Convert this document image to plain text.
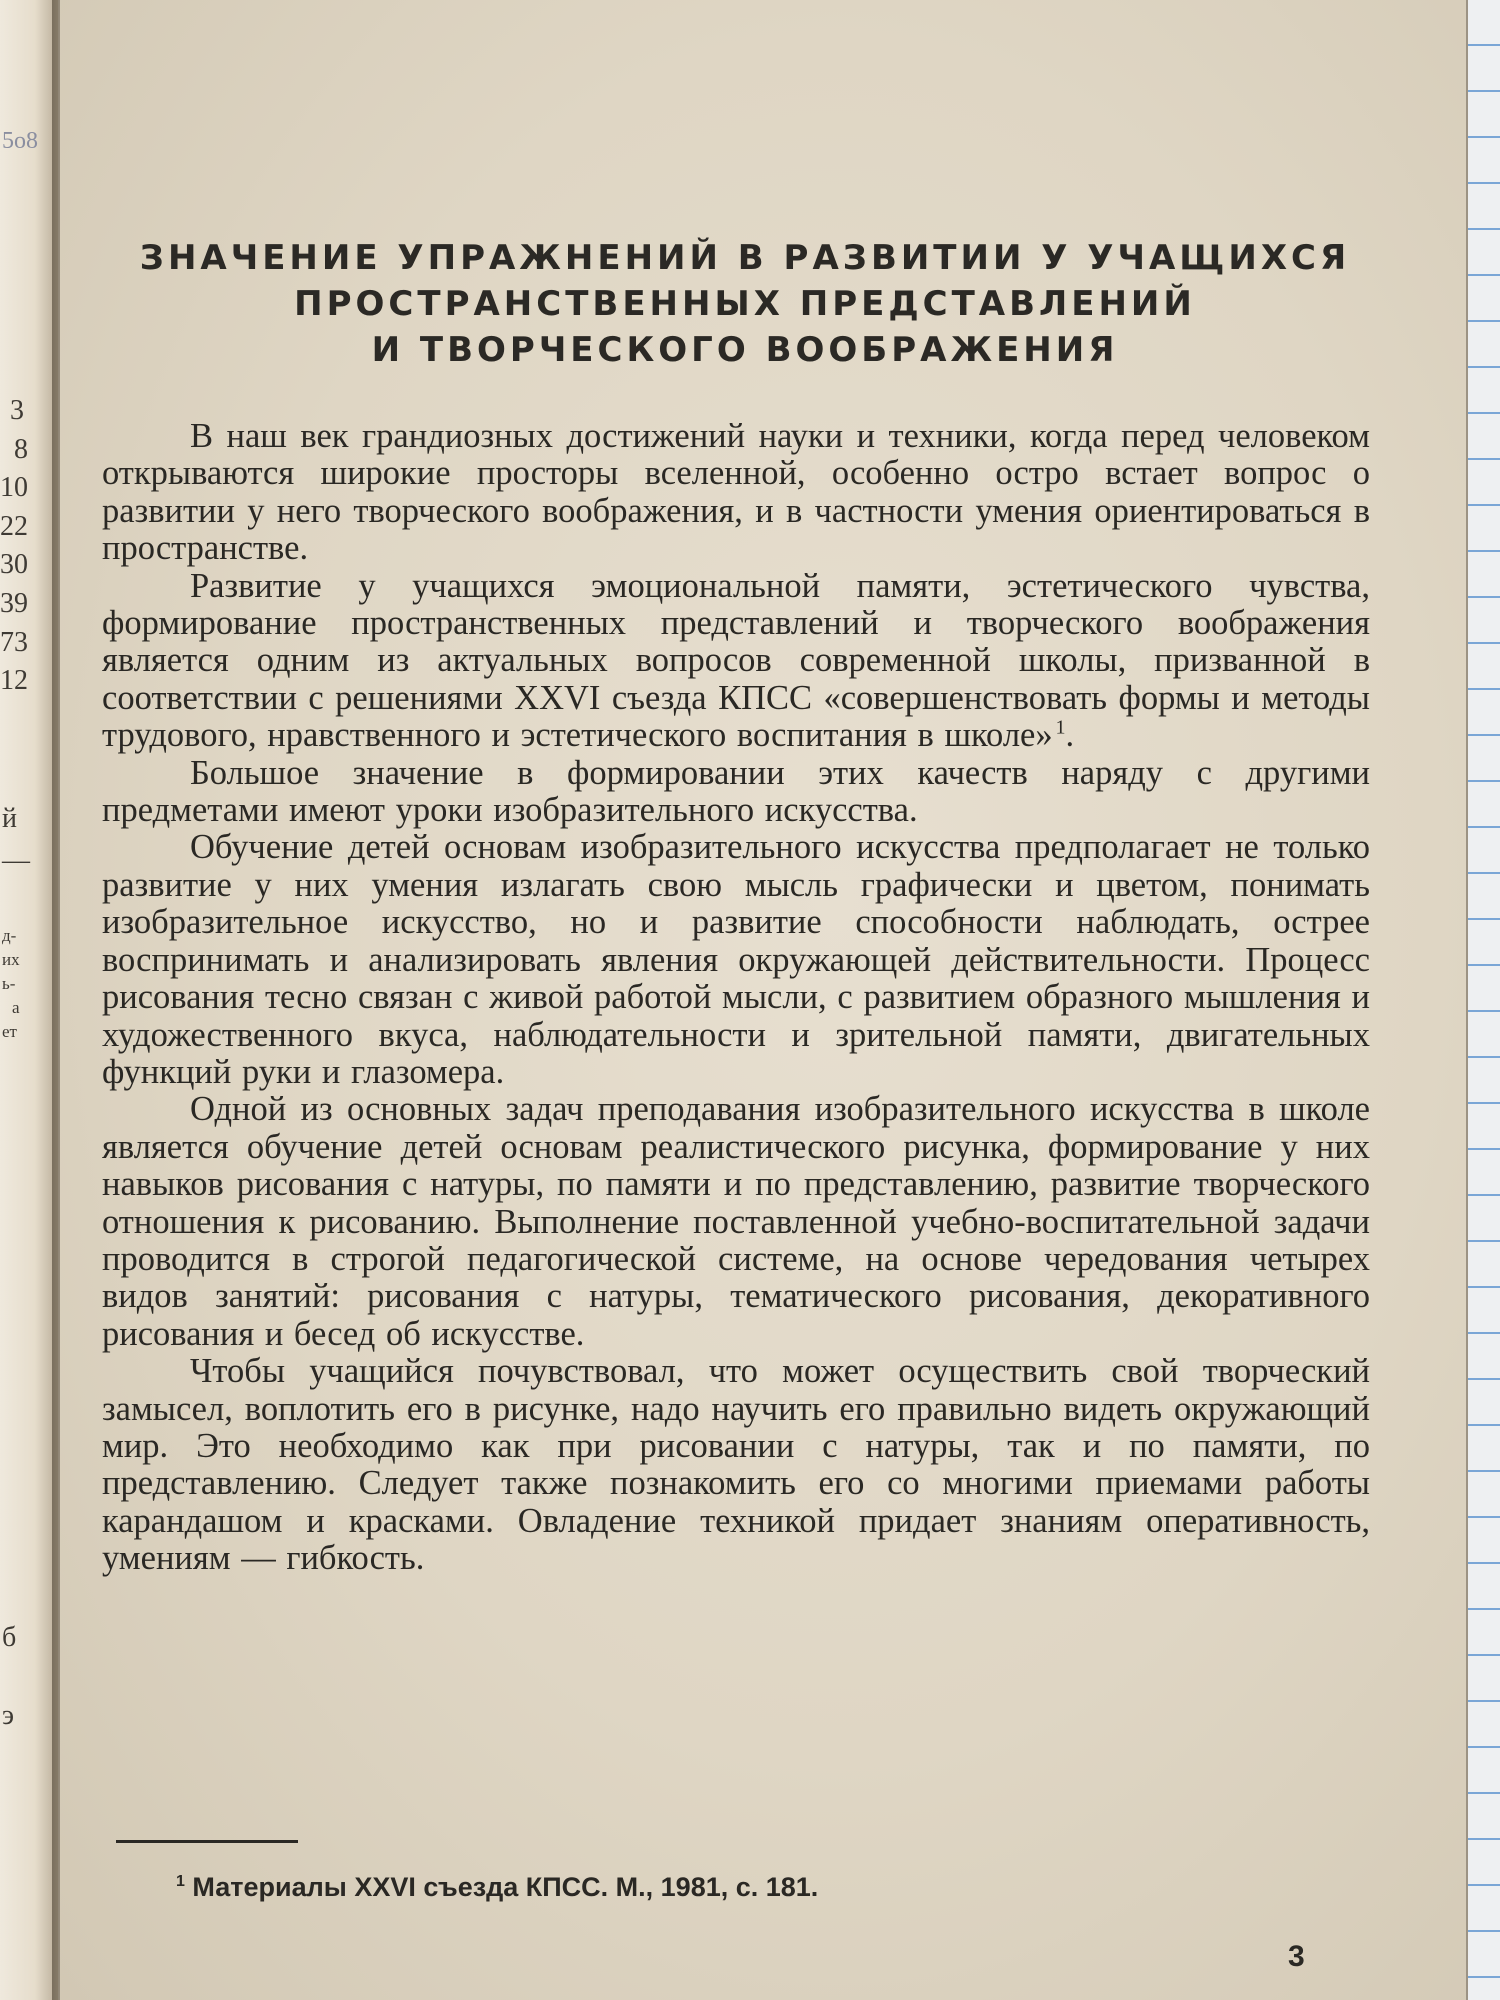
5о8
3
8
10
22
30
39
73
12
й
—
д-
их
ь-
а
ет
б
э
ЗНАЧЕНИЕ УПРАЖНЕНИЙ В РАЗВИТИИ У УЧАЩИХСЯ
ПРОСТРАНСТВЕННЫХ ПРЕДСТАВЛЕНИЙ
И ТВОРЧЕСКОГО ВООБРАЖЕНИЯ

В наш век грандиозных достижений науки и техники, когда перед человеком открываются широкие просторы вселенной, особенно остро встает вопрос о развитии у него творческого воображения, и в частности умения ориентироваться в пространстве.

Развитие у учащихся эмоциональной памяти, эстетического чувства, формирование пространственных представлений и творческого воображения является одним из актуальных вопросов современной школы, призванной в соответствии с решениями XXVI съезда КПСС «совершенствовать формы и методы трудового, нравственного и эстетического воспитания в школе»  $^1$.

Большое значение в формировании этих качеств наряду с другими предметами имеют уроки изобразительного искусства.

Обучение детей основам изобразительного искусства предполагает не только развитие у них умения излагать свою мысль графически и цветом, понимать изобразительное искусство, но и развитие способности наблюдать, острее воспринимать и анализировать явления окружающей действительности. Процесс рисования тесно связан с живой работой мысли, с развитием образного мышления и художественного вкуса, наблюдательности и зрительной памяти, двигательных функций руки и глазомера.

Одной из основных задач преподавания изобразительного искусства в школе является обучение детей основам реалистического рисунка, формирование у них навыков рисования с натуры, по памяти и по представлению, развитие творческого отношения к рисованию. Выполнение поставленной учебно-воспитательной задачи проводится в строгой педагогической системе, на основе чередования четырех видов занятий: рисования с натуры, тематического рисования, декоративного рисования и бесед об искусстве.

Чтобы учащийся почувствовал, что может осуществить свой творческий замысел, воплотить его в рисунке, надо научить его правильно видеть окружающий мир. Это необходимо как при рисовании с натуры, так и по памяти, по представлению. Следует также познакомить его со многими приемами работы карандашом и красками. Овладение техникой придает знаниям оперативность, умениям — гибкость.

$^1$ Материалы XXVI съезда КПСС. М., 1981, с. 181.
3
